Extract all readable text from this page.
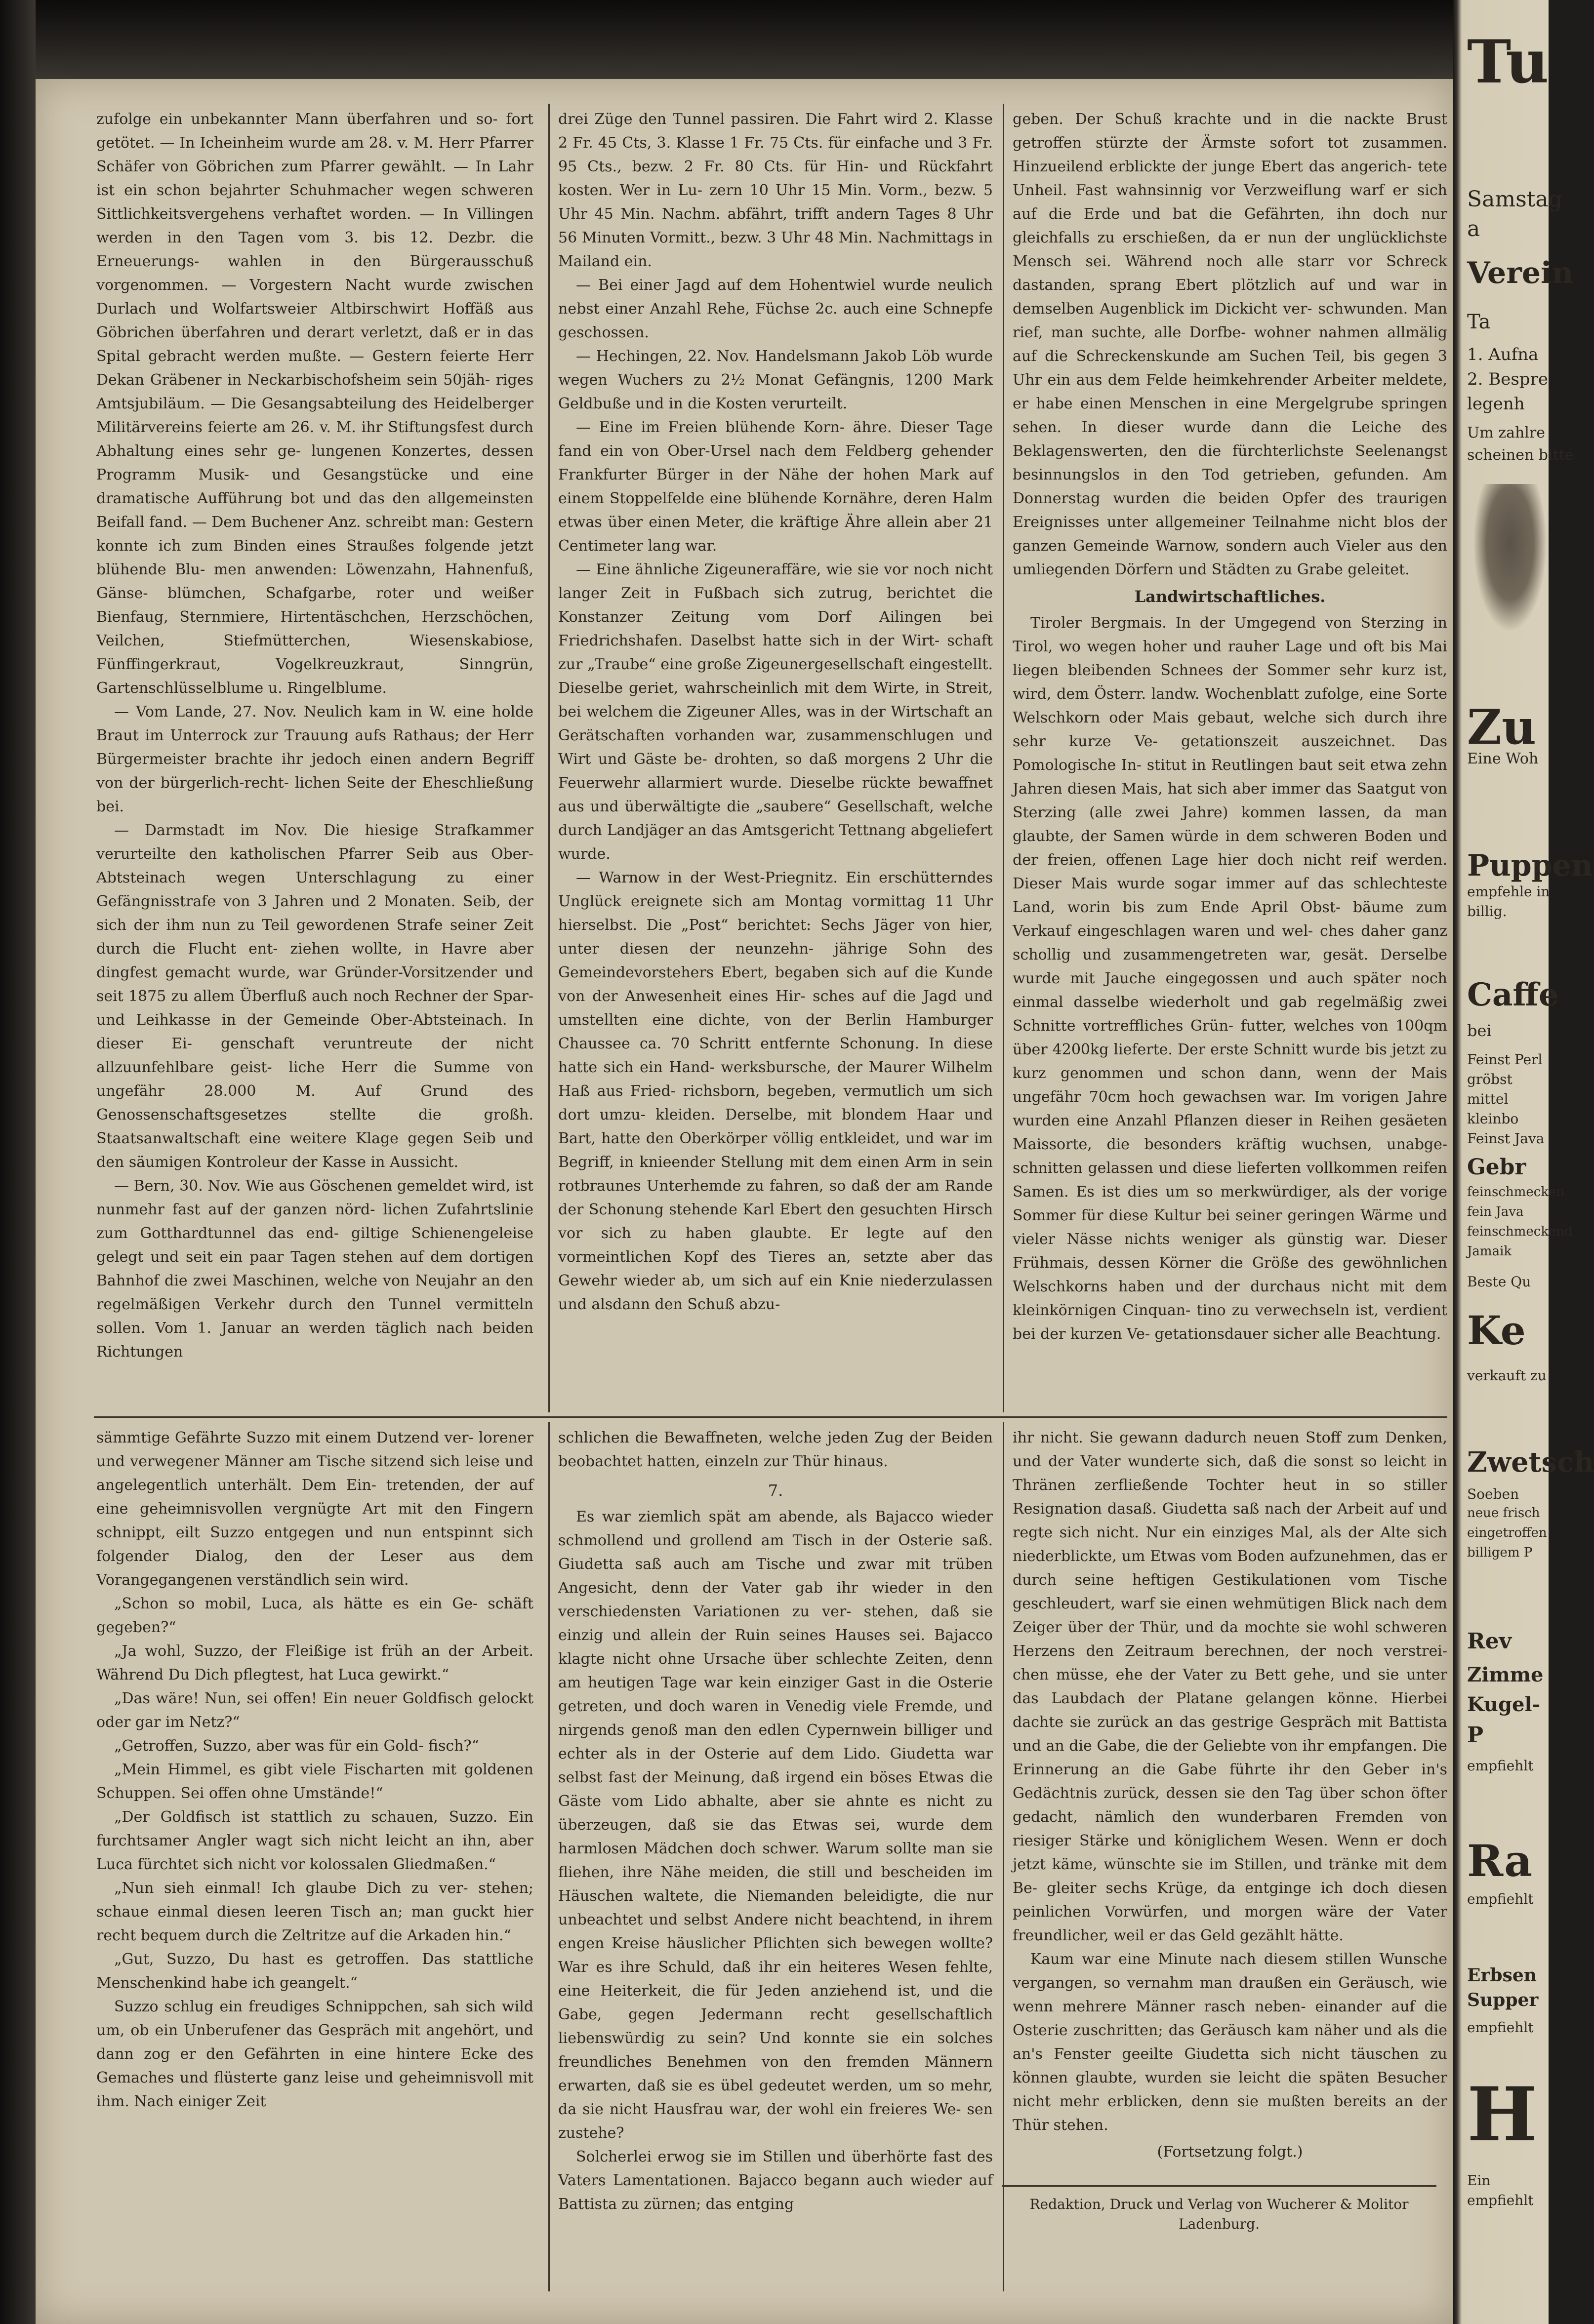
zufolge ein unbekannter Mann überfahren und so- fort getötet. — In Icheinheim wurde am 28. v. M. Herr Pfarrer Schäfer von Göbrichen zum Pfarrer gewählt. — In Lahr ist ein schon bejahrter Schuhmacher wegen schweren Sittlichkeitsvergehens verhaftet worden. — In Villingen werden in den Tagen vom 3. bis 12. Dezbr. die Erneuerungs- wahlen in den Bürgerausschuß vorgenommen. — Vorgestern Nacht wurde zwischen Durlach und Wolfartsweier Altbirschwirt Hoffäß aus Göbrichen überfahren und derart verletzt, daß er in das Spital gebracht werden mußte. — Gestern feierte Herr Dekan Gräbener in Neckarbischofsheim sein 50jäh- riges Amtsjubiläum. — Die Gesangsabteilung des Heidelberger Militärvereins feierte am 26. v. M. ihr Stiftungsfest durch Abhaltung eines sehr ge- lungenen Konzertes, dessen Programm Musik- und Gesangstücke und eine dramatische Aufführung bot und das den allgemeinsten Beifall fand. — Dem Buchener Anz. schreibt man: Gestern konnte ich zum Binden eines Straußes folgende jetzt blühende Blu- men anwenden: Löwenzahn, Hahnenfuß, Gänse- blümchen, Schafgarbe, roter und weißer Bienfaug, Sternmiere, Hirtentäschchen, Herzschöchen, Veilchen, Stiefmütterchen, Wiesenskabiose, Fünffingerkraut, Vogelkreuzkraut, Sinngrün, Gartenschlüsselblume u. Ringelblume.

— Vom Lande, 27. Nov. Neulich kam in W. eine holde Braut im Unterrock zur Trauung aufs Rathaus; der Herr Bürgermeister brachte ihr jedoch einen andern Begriff von der bürgerlich-recht- lichen Seite der Eheschließung bei.

— Darmstadt im Nov. Die hiesige Strafkammer verurteilte den katholischen Pfarrer Seib aus Ober-Abtsteinach wegen Unterschlagung zu einer Gefängnisstrafe von 3 Jahren und 2 Monaten. Seib, der sich der ihm nun zu Teil gewordenen Strafe seiner Zeit durch die Flucht ent- ziehen wollte, in Havre aber dingfest gemacht wurde, war Gründer-Vorsitzender und seit 1875 zu allem Überfluß auch noch Rechner der Spar- und Leihkasse in der Gemeinde Ober-Abtsteinach. In dieser Ei- genschaft veruntreute der nicht allzuunfehlbare geist- liche Herr die Summe von ungefähr 28.000 M. Auf Grund des Genossenschaftsgesetzes stellte die großh. Staatsanwaltschaft eine weitere Klage gegen Seib und den säumigen Kontroleur der Kasse in Aussicht.

— Bern, 30. Nov. Wie aus Göschenen gemeldet wird, ist nunmehr fast auf der ganzen nörd- lichen Zufahrtslinie zum Gotthardtunnel das end- giltige Schienengeleise gelegt und seit ein paar Tagen stehen auf dem dortigen Bahnhof die zwei Maschinen, welche von Neujahr an den regelmäßigen Verkehr durch den Tunnel vermitteln sollen. Vom 1. Januar an werden täglich nach beiden Richtungen

drei Züge den Tunnel passiren. Die Fahrt wird 2. Klasse 2 Fr. 45 Cts, 3. Klasse 1 Fr. 75 Cts. für einfache und 3 Fr. 95 Cts., bezw. 2 Fr. 80 Cts. für Hin- und Rückfahrt kosten. Wer in Lu- zern 10 Uhr 15 Min. Vorm., bezw. 5 Uhr 45 Min. Nachm. abfährt, trifft andern Tages 8 Uhr 56 Minuten Vormitt., bezw. 3 Uhr 48 Min. Nachmittags in Mailand ein.

— Bei einer Jagd auf dem Hohentwiel wurde neulich nebst einer Anzahl Rehe, Füchse 2c. auch eine Schnepfe geschossen.

— Hechingen, 22. Nov. Handelsmann Jakob Löb wurde wegen Wuchers zu 2½ Monat Gefängnis, 1200 Mark Geldbuße und in die Kosten verurteilt.

— Eine im Freien blühende Korn- ähre. Dieser Tage fand ein von Ober-Ursel nach dem Feldberg gehender Frankfurter Bürger in der Nähe der hohen Mark auf einem Stoppelfelde eine blühende Kornähre, deren Halm etwas über einen Meter, die kräftige Ähre allein aber 21 Centimeter lang war.

— Eine ähnliche Zigeuneraffäre, wie sie vor noch nicht langer Zeit in Fußbach sich zutrug, berichtet die Konstanzer Zeitung vom Dorf Ailingen bei Friedrichshafen. Daselbst hatte sich in der Wirt- schaft zur „Traube“ eine große Zigeunergesellschaft eingestellt. Dieselbe geriet, wahrscheinlich mit dem Wirte, in Streit, bei welchem die Zigeuner Alles, was in der Wirtschaft an Gerätschaften vorhanden war, zusammenschlugen und Wirt und Gäste be- drohten, so daß morgens 2 Uhr die Feuerwehr allarmiert wurde. Dieselbe rückte bewaffnet aus und überwältigte die „saubere“ Gesellschaft, welche durch Landjäger an das Amtsgericht Tettnang abgeliefert wurde.

— Warnow in der West-Priegnitz. Ein erschütterndes Unglück ereignete sich am Montag vormittag 11 Uhr hierselbst. Die „Post“ berichtet: Sechs Jäger von hier, unter diesen der neunzehn- jährige Sohn des Gemeindevorstehers Ebert, begaben sich auf die Kunde von der Anwesenheit eines Hir- sches auf die Jagd und umstellten eine dichte, von der Berlin Hamburger Chaussee ca. 70 Schritt entfernte Schonung. In diese hatte sich ein Hand- werksbursche, der Maurer Wilhelm Haß aus Fried- richsborn, begeben, vermutlich um sich dort umzu- kleiden. Derselbe, mit blondem Haar und Bart, hatte den Oberkörper völlig entkleidet, und war im Begriff, in knieender Stellung mit dem einen Arm in sein rotbraunes Unterhemde zu fahren, so daß der am Rande der Schonung stehende Karl Ebert den gesuchten Hirsch vor sich zu haben glaubte. Er legte auf den vormeintlichen Kopf des Tieres an, setzte aber das Gewehr wieder ab, um sich auf ein Knie niederzulassen und alsdann den Schuß abzu-

geben. Der Schuß krachte und in die nackte Brust getroffen stürzte der Ärmste sofort tot zusammen. Hinzueilend erblickte der junge Ebert das angerich- tete Unheil. Fast wahnsinnig vor Verzweiflung warf er sich auf die Erde und bat die Gefährten, ihn doch nur gleichfalls zu erschießen, da er nun der unglücklichste Mensch sei. Während noch alle starr vor Schreck dastanden, sprang Ebert plötzlich auf und war in demselben Augenblick im Dickicht ver- schwunden. Man rief, man suchte, alle Dorfbe- wohner nahmen allmälig auf die Schreckenskunde am Suchen Teil, bis gegen 3 Uhr ein aus dem Felde heimkehrender Arbeiter meldete, er habe einen Menschen in eine Mergelgrube springen sehen. In dieser wurde dann die Leiche des Beklagenswerten, den die fürchterlichste Seelenangst besinnungslos in den Tod getrieben, gefunden. Am Donnerstag wurden die beiden Opfer des traurigen Ereignisses unter allgemeiner Teilnahme nicht blos der ganzen Gemeinde Warnow, sondern auch Vieler aus den umliegenden Dörfern und Städten zu Grabe geleitet.

Landwirtschaftliches.

Tiroler Bergmais. In der Umgegend von Sterzing in Tirol, wo wegen hoher und rauher Lage und oft bis Mai liegen bleibenden Schnees der Sommer sehr kurz ist, wird, dem Österr. landw. Wochenblatt zufolge, eine Sorte Welschkorn oder Mais gebaut, welche sich durch ihre sehr kurze Ve- getationszeit auszeichnet. Das Pomologische In- stitut in Reutlingen baut seit etwa zehn Jahren diesen Mais, hat sich aber immer das Saatgut von Sterzing (alle zwei Jahre) kommen lassen, da man glaubte, der Samen würde in dem schweren Boden und der freien, offenen Lage hier doch nicht reif werden. Dieser Mais wurde sogar immer auf das schlechteste Land, worin bis zum Ende April Obst- bäume zum Verkauf eingeschlagen waren und wel- ches daher ganz schollig und zusammengetreten war, gesät. Derselbe wurde mit Jauche eingegossen und auch später noch einmal dasselbe wiederholt und gab regelmäßig zwei Schnitte vortreffliches Grün- futter, welches von 100qm über 4200kg lieferte. Der erste Schnitt wurde bis jetzt zu kurz genommen und schon dann, wenn der Mais ungefähr 70cm hoch gewachsen war. Im vorigen Jahre wurden eine Anzahl Pflanzen dieser in Reihen gesäeten Maissorte, die besonders kräftig wuchsen, unabge- schnitten gelassen und diese lieferten vollkommen reifen Samen. Es ist dies um so merkwürdiger, als der vorige Sommer für diese Kultur bei seiner geringen Wärme und vieler Nässe nichts weniger als günstig war. Dieser Frühmais, dessen Körner die Größe des gewöhnlichen Welschkorns haben und der durchaus nicht mit dem kleinkörnigen Cinquan- tino zu verwechseln ist, verdient bei der kurzen Ve- getationsdauer sicher alle Beachtung.

sämmtige Gefährte Suzzo mit einem Dutzend ver- lorener und verwegener Männer am Tische sitzend sich leise und angelegentlich unterhält. Dem Ein- tretenden, der auf eine geheimnisvollen vergnügte Art mit den Fingern schnippt, eilt Suzzo entgegen und nun entspinnt sich folgender Dialog, den der Leser aus dem Vorangegangenen verständlich sein wird.

„Schon so mobil, Luca, als hätte es ein Ge- schäft gegeben?“

„Ja wohl, Suzzo, der Fleißige ist früh an der Arbeit. Während Du Dich pflegtest, hat Luca gewirkt.“

„Das wäre! Nun, sei offen! Ein neuer Goldfisch gelockt oder gar im Netz?“

„Getroffen, Suzzo, aber was für ein Gold- fisch?“

„Mein Himmel, es gibt viele Fischarten mit goldenen Schuppen. Sei offen ohne Umstände!“

„Der Goldfisch ist stattlich zu schauen, Suzzo. Ein furchtsamer Angler wagt sich nicht leicht an ihn, aber Luca fürchtet sich nicht vor kolossalen Gliedmaßen.“

„Nun sieh einmal! Ich glaube Dich zu ver- stehen; schaue einmal diesen leeren Tisch an; man guckt hier recht bequem durch die Zeltritze auf die Arkaden hin.“

„Gut, Suzzo, Du hast es getroffen. Das stattliche Menschenkind habe ich geangelt.“

Suzzo schlug ein freudiges Schnippchen, sah sich wild um, ob ein Unberufener das Gespräch mit angehört, und dann zog er den Gefährten in eine hintere Ecke des Gemaches und flüsterte ganz leise und geheimnisvoll mit ihm. Nach einiger Zeit

schlichen die Bewaffneten, welche jeden Zug der Beiden beobachtet hatten, einzeln zur Thür hinaus.

7.

Es war ziemlich spät am abende, als Bajacco wieder schmollend und grollend am Tisch in der Osterie saß. Giudetta saß auch am Tische und zwar mit trüben Angesicht, denn der Vater gab ihr wieder in den verschiedensten Variationen zu ver- stehen, daß sie einzig und allein der Ruin seines Hauses sei. Bajacco klagte nicht ohne Ursache über schlechte Zeiten, denn am heutigen Tage war kein einziger Gast in die Osterie getreten, und doch waren in Venedig viele Fremde, und nirgends genoß man den edlen Cypernwein billiger und echter als in der Osterie auf dem Lido. Giudetta war selbst fast der Meinung, daß irgend ein böses Etwas die Gäste vom Lido abhalte, aber sie ahnte es nicht zu überzeugen, daß sie das Etwas sei, wurde dem harmlosen Mädchen doch schwer. Warum sollte man sie fliehen, ihre Nähe meiden, die still und bescheiden im Häuschen waltete, die Niemanden beleidigte, die nur unbeachtet und selbst Andere nicht beachtend, in ihrem engen Kreise häuslicher Pflichten sich bewegen wollte? War es ihre Schuld, daß ihr ein heiteres Wesen fehlte, eine Heiterkeit, die für Jeden anziehend ist, und die Gabe, gegen Jedermann recht gesellschaftlich liebenswürdig zu sein? Und konnte sie ein solches freundliches Benehmen von den fremden Männern erwarten, daß sie es übel gedeutet werden, um so mehr, da sie nicht Hausfrau war, der wohl ein freieres We- sen zustehe?

Solcherlei erwog sie im Stillen und überhörte fast des Vaters Lamentationen. Bajacco begann auch wieder auf Battista zu zürnen; das entging

ihr nicht. Sie gewann dadurch neuen Stoff zum Denken, und der Vater wunderte sich, daß die sonst so leicht in Thränen zerfließende Tochter heut in so stiller Resignation dasaß. Giudetta saß nach der Arbeit auf und regte sich nicht. Nur ein einziges Mal, als der Alte sich niederblickte, um Etwas vom Boden aufzunehmen, das er durch seine heftigen Gestikulationen vom Tische geschleudert, warf sie einen wehmütigen Blick nach dem Zeiger über der Thür, und da mochte sie wohl schweren Herzens den Zeitraum berechnen, der noch verstrei- chen müsse, ehe der Vater zu Bett gehe, und sie unter das Laubdach der Platane gelangen könne. Hierbei dachte sie zurück an das gestrige Gespräch mit Battista und an die Gabe, die der Geliebte von ihr empfangen. Die Erinnerung an die Gabe führte ihr den Geber in's Gedächtnis zurück, dessen sie den Tag über schon öfter gedacht, nämlich den wunderbaren Fremden von riesiger Stärke und königlichem Wesen. Wenn er doch jetzt käme, wünschte sie im Stillen, und tränke mit dem Be- gleiter sechs Krüge, da entginge ich doch diesen peinlichen Vorwürfen, und morgen wäre der Vater freundlicher, weil er das Geld gezählt hätte.

Kaum war eine Minute nach diesem stillen Wunsche vergangen, so vernahm man draußen ein Geräusch, wie wenn mehrere Männer rasch neben- einander auf die Osterie zuschritten; das Geräusch kam näher und als die an's Fenster geeilte Giudetta sich nicht täuschen zu können glaubte, wurden sie leicht die späten Besucher nicht mehr erblicken, denn sie mußten bereits an der Thür stehen.

(Fortsetzung folgt.)

Redaktion, Druck und Verlag von Wucherer & Molitor
Ladenburg.
Tu
Samstag
a
Verein
Ta
1. Aufna
2. Bespre
legenh
Um zahlre
scheinen bitte
Zu
Eine Woh
Puppen
empfehle in
billig.
Caffe
bei
Feinst Perl
gröbst
mittel
kleinbo
Feinst Java
Gebr
feinschmecken
fein Java
feinschmeckend
Jamaik
Beste Qu
Ke
verkauft zu
Zwetsch
Soeben
neue frisch
eingetroffen
billigem P
Rev
Zimme
Kugel-
P
empfiehlt
Ra
empfiehlt
Erbsen
Supper
empfiehlt
H
Ein
empfiehlt
